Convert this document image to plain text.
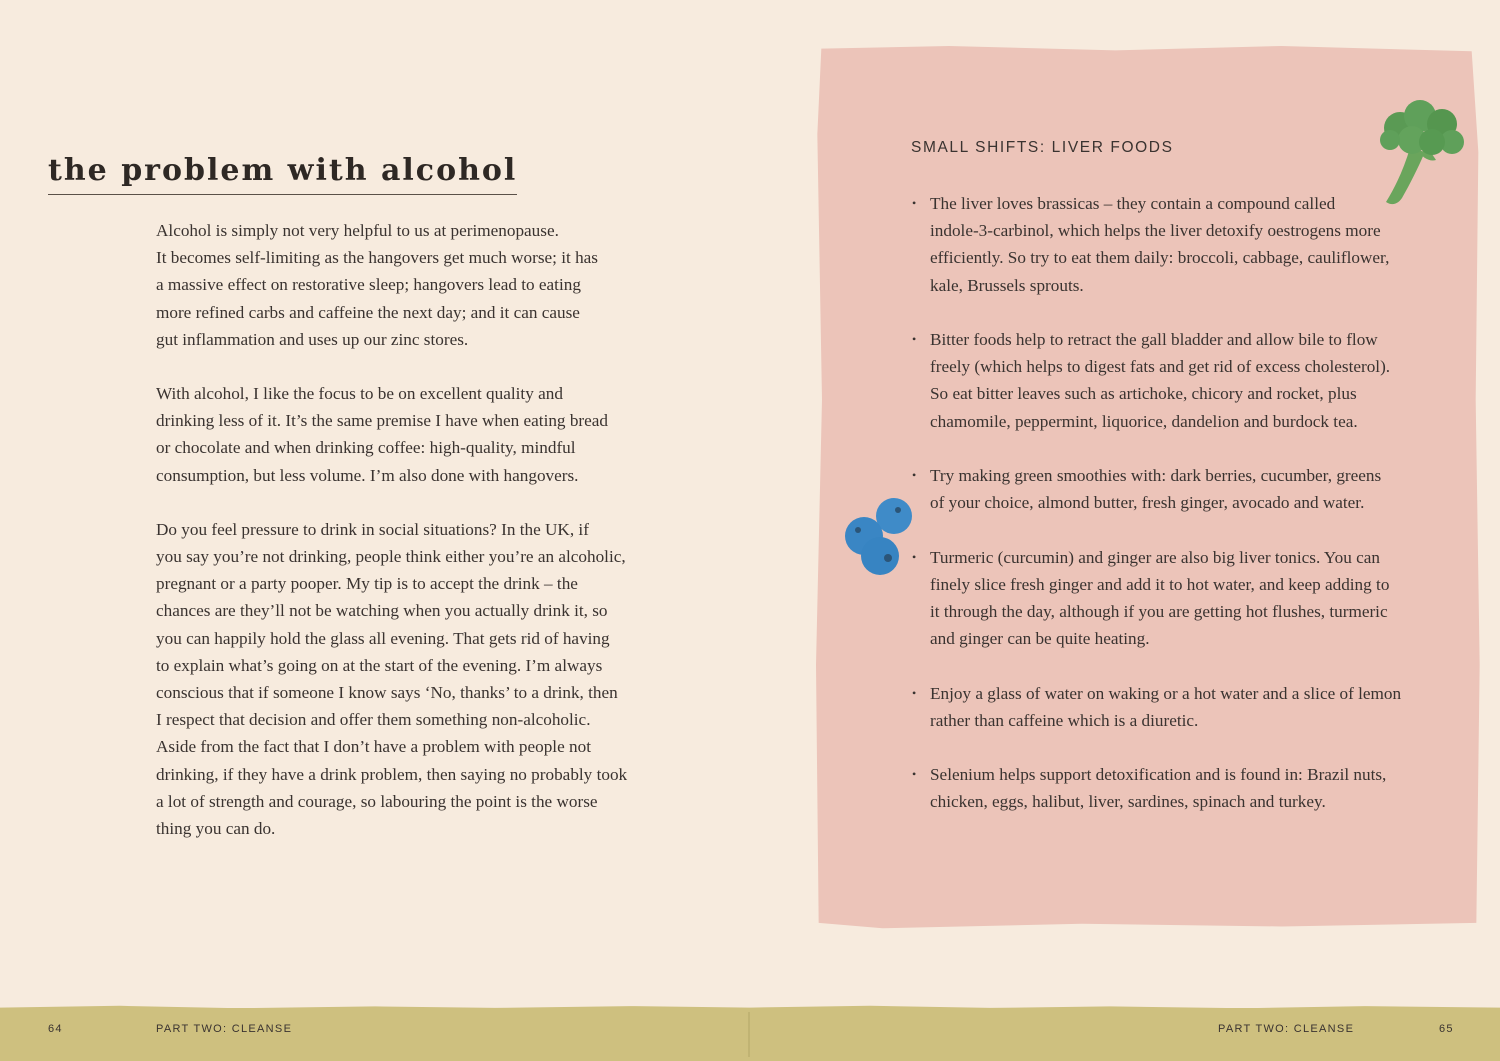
the problem with alcohol

Alcohol is simply not very helpful to us at perimenopause.
It becomes self-limiting as the hangovers get much worse; it has
a massive effect on restorative sleep; hangovers lead to eating
more refined carbs and caffeine the next day; and it can cause
gut inflammation and uses up our zinc stores.

With alcohol, I like the focus to be on excellent quality and
drinking less of it. It’s the same premise I have when eating bread
or chocolate and when drinking coffee: high-quality, mindful
consumption, but less volume. I’m also done with hangovers.

Do you feel pressure to drink in social situations? In the UK, if
you say you’re not drinking, people think either you’re an alcoholic,
pregnant or a party pooper. My tip is to accept the drink – the
chances are they’ll not be watching when you actually drink it, so
you can happily hold the glass all evening. That gets rid of having
to explain what’s going on at the start of the evening. I’m always
conscious that if someone I know says ‘No, thanks’ to a drink, then
I respect that decision and offer them something non-alcoholic.
Aside from the fact that I don’t have a problem with people not
drinking, if they have a drink problem, then saying no probably took
a lot of strength and courage, so labouring the point is the worse
thing you can do.

SMALL SHIFTS: LIVER FOODS
• The liver loves brassicas – they contain a compound called
indole-3-carbinol, which helps the liver detoxify oestrogens more
efficiently. So try to eat them daily: broccoli, cabbage, cauliflower,
kale, Brussels sprouts.
• Bitter foods help to retract the gall bladder and allow bile to flow
freely (which helps to digest fats and get rid of excess cholesterol).
So eat bitter leaves such as artichoke, chicory and rocket, plus
chamomile, peppermint, liquorice, dandelion and burdock tea.
• Try making green smoothies with: dark berries, cucumber, greens
of your choice, almond butter, fresh ginger, avocado and water.
• Turmeric (curcumin) and ginger are also big liver tonics. You can
finely slice fresh ginger and add it to hot water, and keep adding to
it through the day, although if you are getting hot flushes, turmeric
and ginger can be quite heating.
• Enjoy a glass of water on waking or a hot water and a slice of lemon
rather than caffeine which is a diuretic.
• Selenium helps support detoxification and is found in: Brazil nuts,
chicken, eggs, halibut, liver, sardines, spinach and turkey.
64	PART TWO: CLEANSE	PART TWO: CLEANSE	65
